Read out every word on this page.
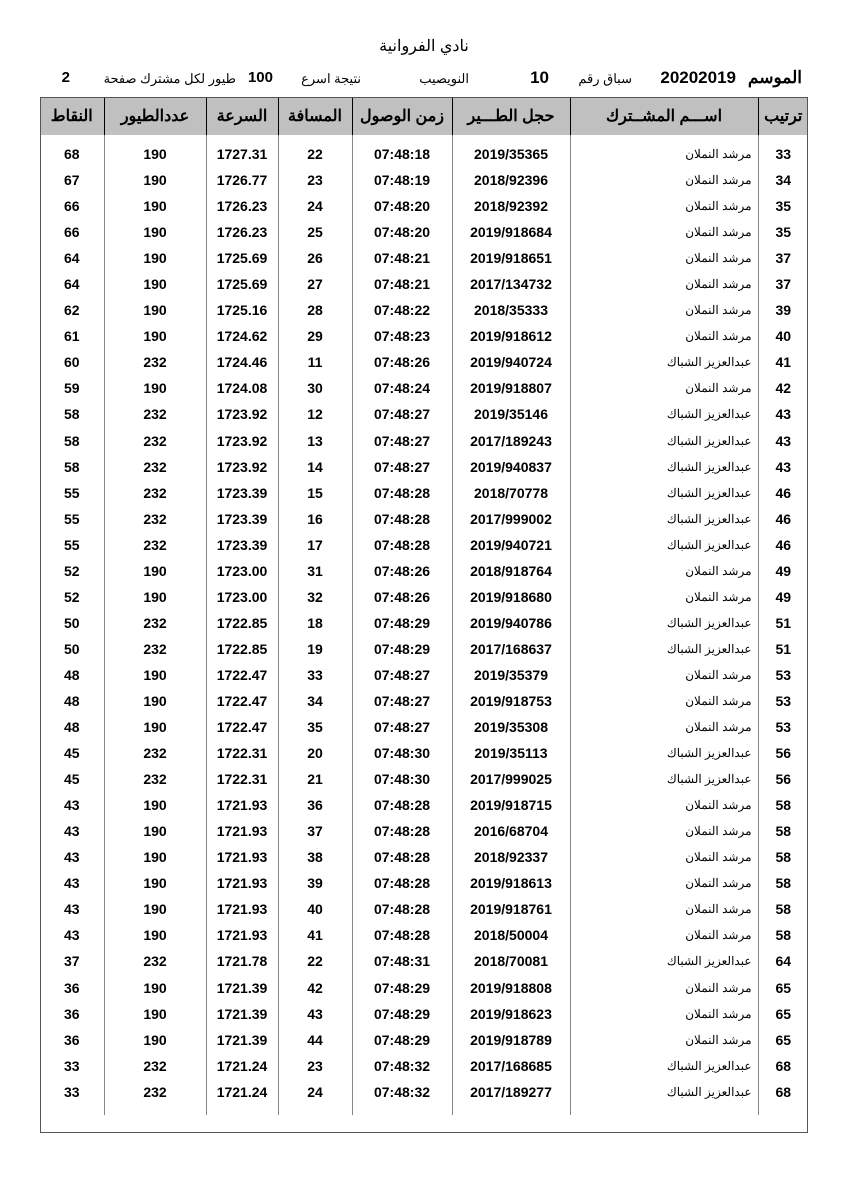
نادي الفروانية
الموسم
20202019
سباق رقم
10
النويصيب
نتيجة اسرع
100
طيور لكل مشترك صفحة
2
ترتيب	اســـم المشــترك	حجل الطـــير	زمن الوصول	المسافة	السرعة	عددالطيور	النقاط

33	مرشد النملان	2019/35365	07:48:18	22	1727.31	190	68
34	مرشد النملان	2018/92396	07:48:19	23	1726.77	190	67
35	مرشد النملان	2018/92392	07:48:20	24	1726.23	190	66
35	مرشد النملان	2019/918684	07:48:20	25	1726.23	190	66
37	مرشد النملان	2019/918651	07:48:21	26	1725.69	190	64
37	مرشد النملان	2017/134732	07:48:21	27	1725.69	190	64
39	مرشد النملان	2018/35333	07:48:22	28	1725.16	190	62
40	مرشد النملان	2019/918612	07:48:23	29	1724.62	190	61
41	عبدالعزيز الشباك	2019/940724	07:48:26	11	1724.46	232	60
42	مرشد النملان	2019/918807	07:48:24	30	1724.08	190	59
43	عبدالعزيز الشباك	2019/35146	07:48:27	12	1723.92	232	58
43	عبدالعزيز الشباك	2017/189243	07:48:27	13	1723.92	232	58
43	عبدالعزيز الشباك	2019/940837	07:48:27	14	1723.92	232	58
46	عبدالعزيز الشباك	2018/70778	07:48:28	15	1723.39	232	55
46	عبدالعزيز الشباك	2017/999002	07:48:28	16	1723.39	232	55
46	عبدالعزيز الشباك	2019/940721	07:48:28	17	1723.39	232	55
49	مرشد النملان	2018/918764	07:48:26	31	1723.00	190	52
49	مرشد النملان	2019/918680	07:48:26	32	1723.00	190	52
51	عبدالعزيز الشباك	2019/940786	07:48:29	18	1722.85	232	50
51	عبدالعزيز الشباك	2017/168637	07:48:29	19	1722.85	232	50
53	مرشد النملان	2019/35379	07:48:27	33	1722.47	190	48
53	مرشد النملان	2019/918753	07:48:27	34	1722.47	190	48
53	مرشد النملان	2019/35308	07:48:27	35	1722.47	190	48
56	عبدالعزيز الشباك	2019/35113	07:48:30	20	1722.31	232	45
56	عبدالعزيز الشباك	2017/999025	07:48:30	21	1722.31	232	45
58	مرشد النملان	2019/918715	07:48:28	36	1721.93	190	43
58	مرشد النملان	2016/68704	07:48:28	37	1721.93	190	43
58	مرشد النملان	2018/92337	07:48:28	38	1721.93	190	43
58	مرشد النملان	2019/918613	07:48:28	39	1721.93	190	43
58	مرشد النملان	2019/918761	07:48:28	40	1721.93	190	43
58	مرشد النملان	2018/50004	07:48:28	41	1721.93	190	43
64	عبدالعزيز الشباك	2018/70081	07:48:31	22	1721.78	232	37
65	مرشد النملان	2019/918808	07:48:29	42	1721.39	190	36
65	مرشد النملان	2019/918623	07:48:29	43	1721.39	190	36
65	مرشد النملان	2019/918789	07:48:29	44	1721.39	190	36
68	عبدالعزيز الشباك	2017/168685	07:48:32	23	1721.24	232	33
68	عبدالعزيز الشباك	2017/189277	07:48:32	24	1721.24	232	33
